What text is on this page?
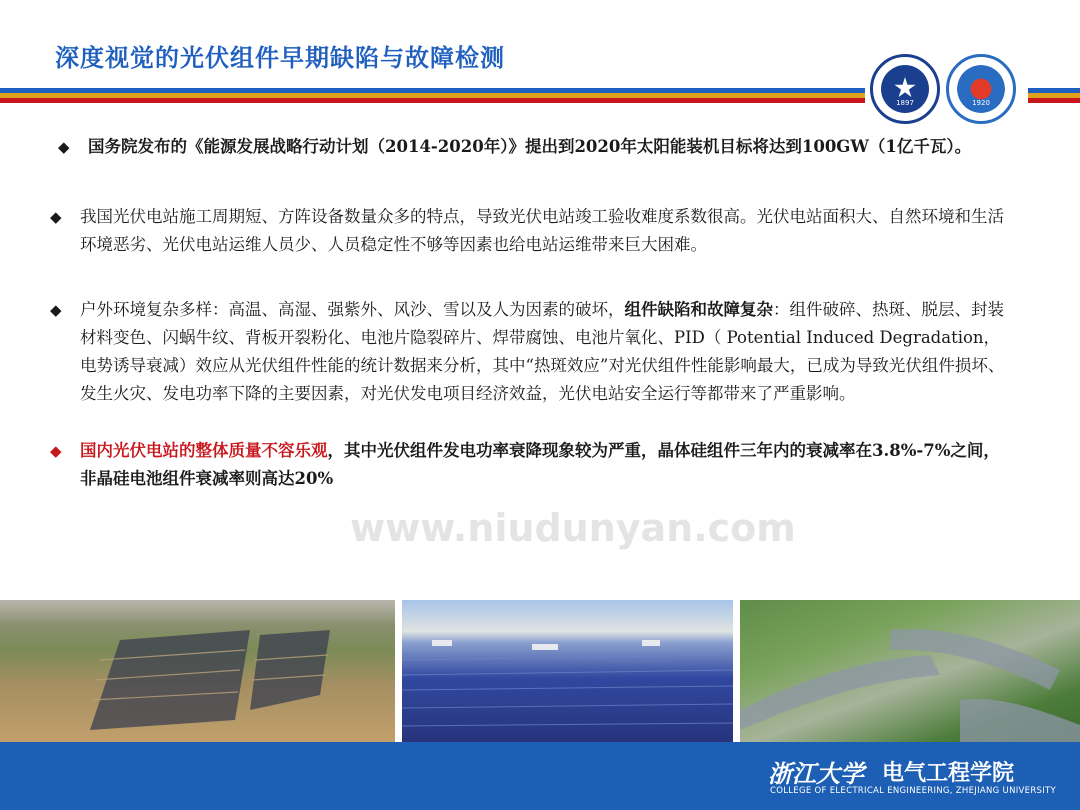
深度视觉的光伏组件早期缺陷与故障检测
1897	1920
◆ 国务院发布的《能源发展战略行动计划（2014-2020年）》提出到2020年太阳能装机目标将达到100GW（1亿千瓦）。
◆ 我国光伏电站施工周期短、方阵设备数量众多的特点，导致光伏电站竣工验收难度系数很高。光伏电站面积大、自然环境和生活环境恶劣、光伏电站运维人员少、人员稳定性不够等因素也给电站运维带来巨大困难。
◆ 户外环境复杂多样：高温、高湿、强紫外、风沙、雪以及人为因素的破坏，组件缺陷和故障复杂：组件破碎、热斑、脱层、封装材料变色、闪蜗牛纹、背板开裂粉化、电池片隐裂碎片、焊带腐蚀、电池片氧化、PID（ Potential Induced Degradation，电势诱导衰减）效应从光伏组件性能的统计数据来分析，其中“热斑效应”对光伏组件性能影响最大，已成为导致光伏组件损坏、发生火灾、发电功率下降的主要因素，对光伏发电项目经济效益，光伏电站安全运行等都带来了严重影响。
◆ 国内光伏电站的整体质量不容乐观，其中光伏组件发电功率衰降现象较为严重，晶体硅组件三年内的衰减率在3.8%-7%之间，非晶硅电池组件衰减率则高达20%
www.niudunyan.com
浙江大学 电气工程学院
COLLEGE OF ELECTRICAL ENGINEERING, ZHEJIANG UNIVERSITY
